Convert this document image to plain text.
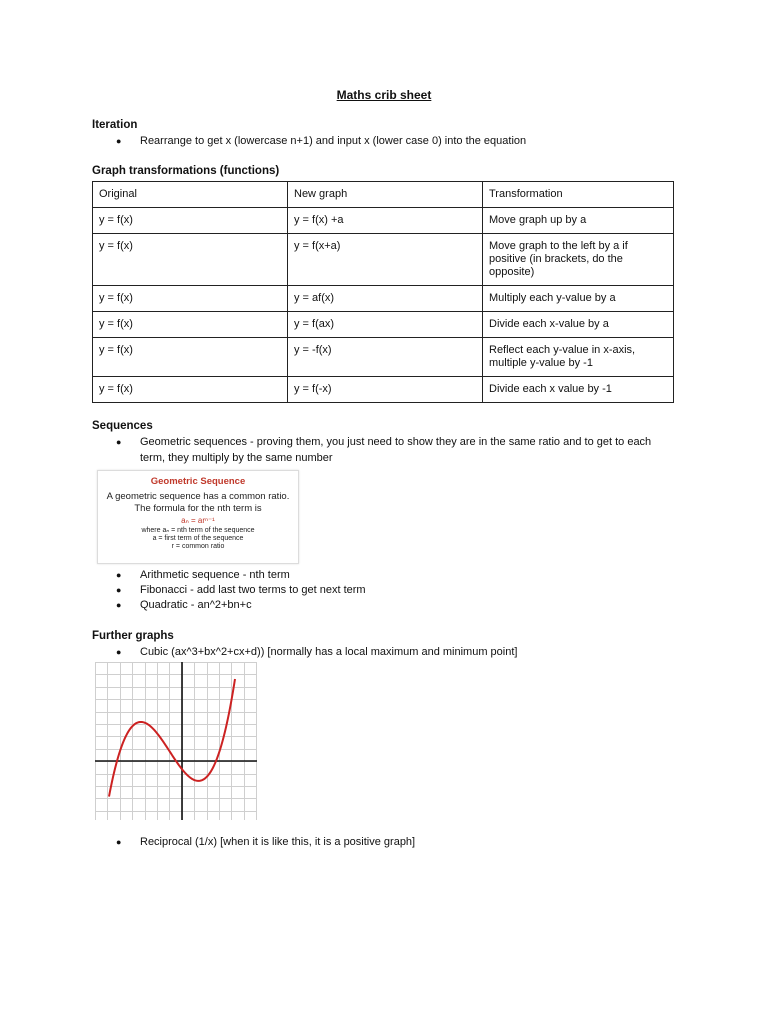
Maths crib sheet
Iteration
● Rearrange to get x (lowercase n+1) and input x (lower case 0) into the equation
Graph transformations (functions)
Original	New graph	Transformation
y = f(x)	y = f(x) +a	Move graph up by a
y = f(x)	y = f(x+a)	Move graph to the left by a if positive (in brackets, do the opposite)
y = f(x)	y = af(x)	Multiply each y-value by a
y = f(x)	y = f(ax)	Divide each x-value by a
y = f(x)	y = -f(x)	Reflect each y-value in x-axis, multiple y-value by -1
y = f(x)	y = f(-x)	Divide each x value by -1
Sequences
● Geometric sequences - proving them, you just need to show they are in the same ratio and to get to each term, they multiply by the same number
Geometric Sequence
A geometric sequence has a common ratio.
The formula for the nth term is
aₙ = arⁿ⁻¹
where aₙ = nth term of the sequence
a = first term of the sequence
r = common ratio
● Arithmetic sequence - nth term
● Fibonacci - add last two terms to get next term
● Quadratic - an^2+bn+c
Further graphs
● Cubic (ax^3+bx^2+cx+d)) [normally has a local maximum and minimum point]
● Reciprocal (1/x) [when it is like this, it is a positive graph]
